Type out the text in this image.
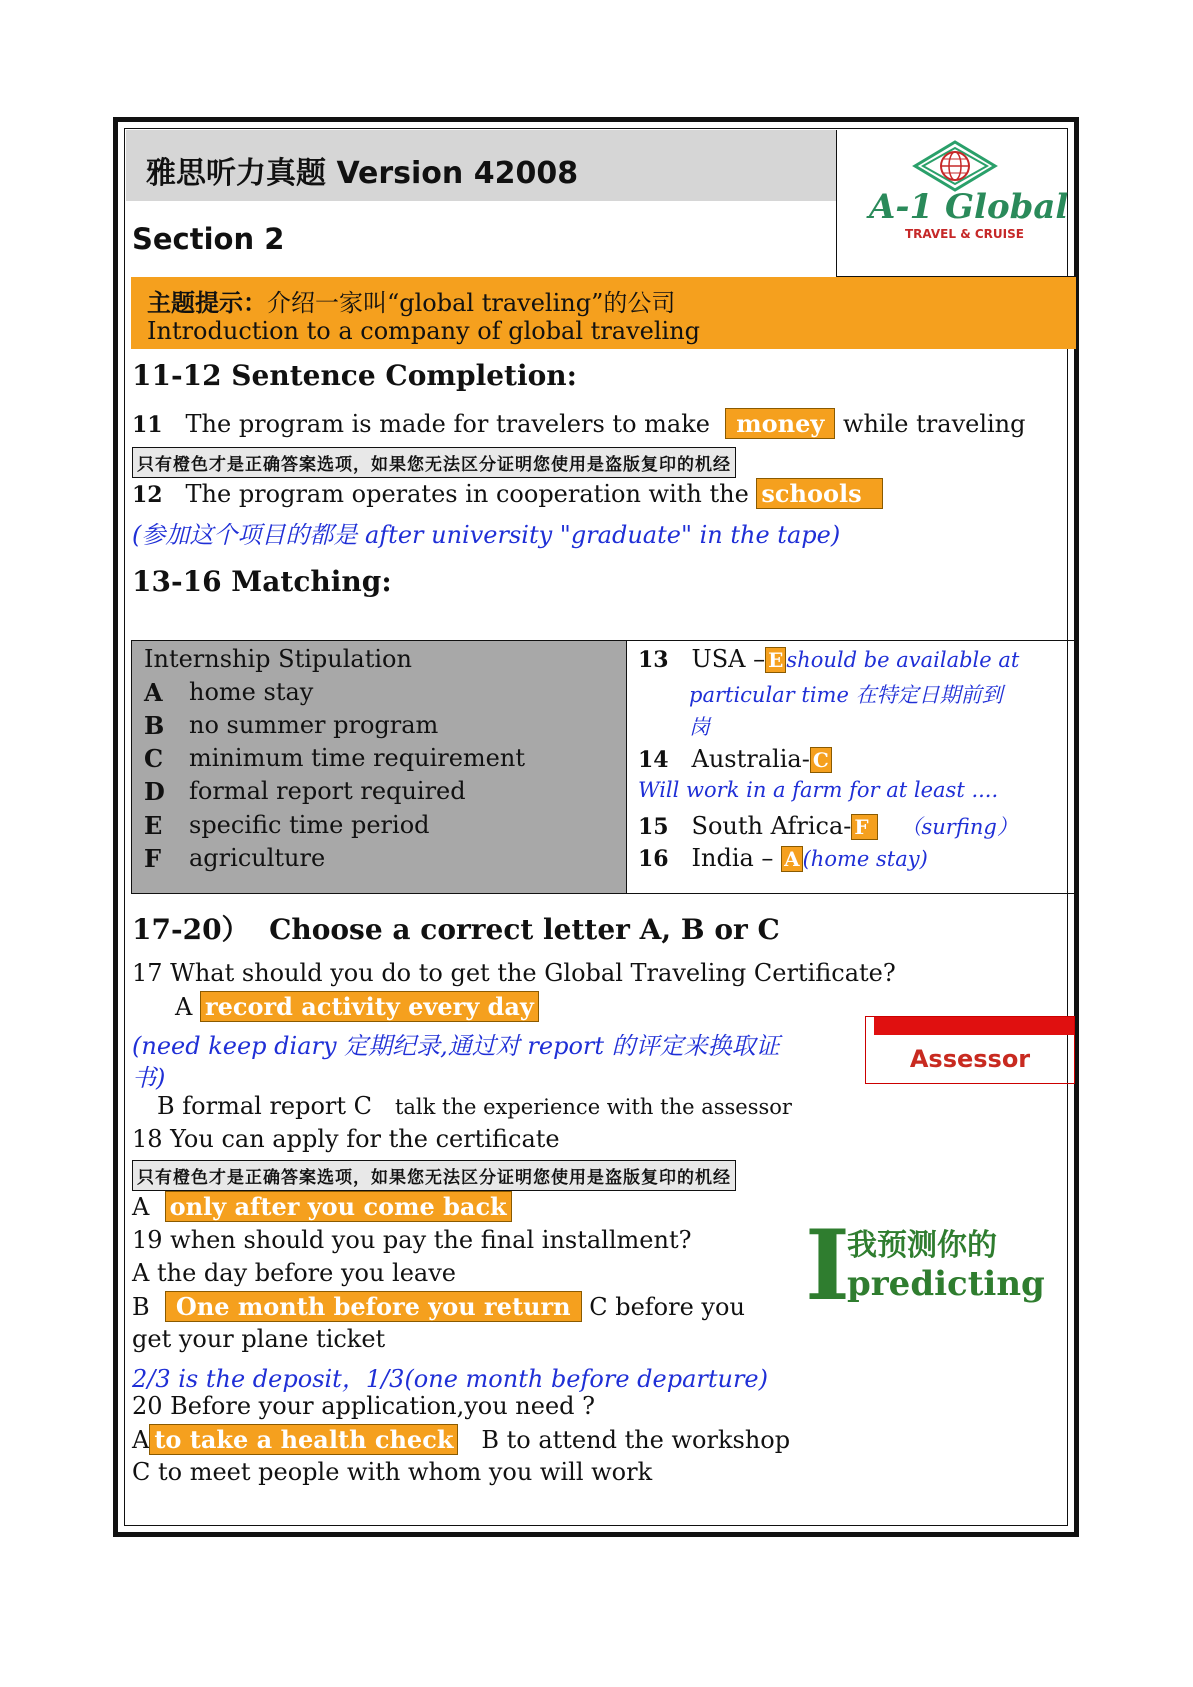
雅思听力真题 Version 42008
Section 2
A-1 Global
TRAVEL & CRUISE
主题提示：介绍一家叫“global traveling”的公司
Introduction to a company of global traveling
11-12 Sentence Completion:
11 The program is made for travelers to make money while traveling
只有橙色才是正确答案选项，如果您无法区分证明您使用是盗版复印的机经
12 The program operates in cooperation with the schools
(参加这个项目的都是 after university "graduate" in the tape)
13-16 Matching:
Internship Stipulation
A home stay
B no summer program
C minimum time requirement
D formal report required
E specific time period
F agriculture
13 USA – E should be available at
particular time 在特定日期前到
岗
14 Australia- C
Will work in a farm for at least ....
15 South Africa- F （surfing）
16 India – A (home stay)
17-20） Choose a correct letter A, B or C
17 What should you do to get the Global Traveling Certificate?
A record activity every day
(need keep diary 定期纪录,通过对 report 的评定来换取证
书)
Assessor
B formal report C talk the experience with the assessor
18 You can apply for the certificate
只有橙色才是正确答案选项，如果您无法区分证明您使用是盗版复印的机经
A only after you come back
19 when should you pay the final installment?
A the day before you leave
B One month before you return C before you
get your plane ticket
2/3 is the deposit，1/3(one month before departure)
20 Before your application,you need ?
A to take a health check B to attend the workshop
C to meet people with whom you will work
I
我预测你的
predicting
